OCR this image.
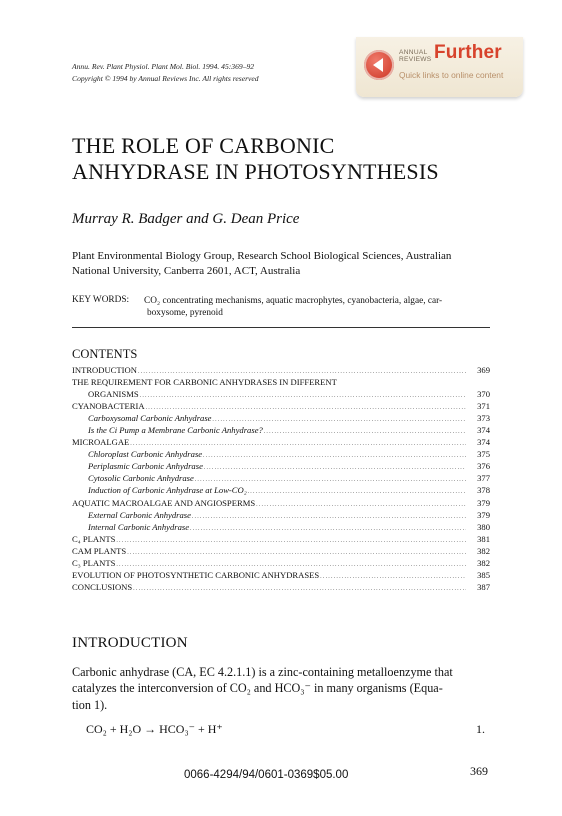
Annu. Rev. Plant Physiol. Plant Mol. Biol. 1994. 45:369–92
Copyright © 1994 by Annual Reviews Inc. All rights reserved
ANNUAL
REVIEWS Further
Quick links to online content
THE ROLE OF CARBONIC
ANHYDRASE IN PHOTOSYNTHESIS
Murray R. Badger and G. Dean Price
Plant Environmental Biology Group, Research School Biological Sciences, Australian National University, Canberra 2601, ACT, Australia
KEY WORDS: CO₂ concentrating mechanisms, aquatic macrophytes, cyanobacteria, algae, car-
boxysome, pyrenoid
CONTENTS
INTRODUCTION .....	369
THE REQUIREMENT FOR CARBONIC ANHYDRASES IN DIFFERENT
ORGANISMS .....	370
CYANOBACTERIA .....	371
Carboxysomal Carbonic Anhydrase .....	373
Is the Ci Pump a Membrane Carbonic Anhydrase? .....	374
MICROALGAE .....	374
Chloroplast Carbonic Anhydrase .....	375
Periplasmic Carbonic Anhydrase .....	376
Cytosolic Carbonic Anhydrase .....	377
Induction of Carbonic Anhydrase at Low-CO₂ .....	378
AQUATIC MACROALGAE AND ANGIOSPERMS .....	379
External Carbonic Anhydrase .....	379
Internal Carbonic Anhydrase .....	380
C₄ PLANTS .....	381
CAM PLANTS .....	382
C₃ PLANTS .....	382
EVOLUTION OF PHOTOSYNTHETIC CARBONIC ANHYDRASES .....	385
CONCLUSIONS .....	387
INTRODUCTION
Carbonic anhydrase (CA, EC 4.2.1.1) is a zinc-containing metalloenzyme that
catalyzes the interconversion of CO₂ and HCO₃⁻ in many organisms (Equa-
tion 1).
CO₂ + H₂O → HCO₃⁻ + H⁺	1.
0066-4294/94/0601-0369$05.00	369
